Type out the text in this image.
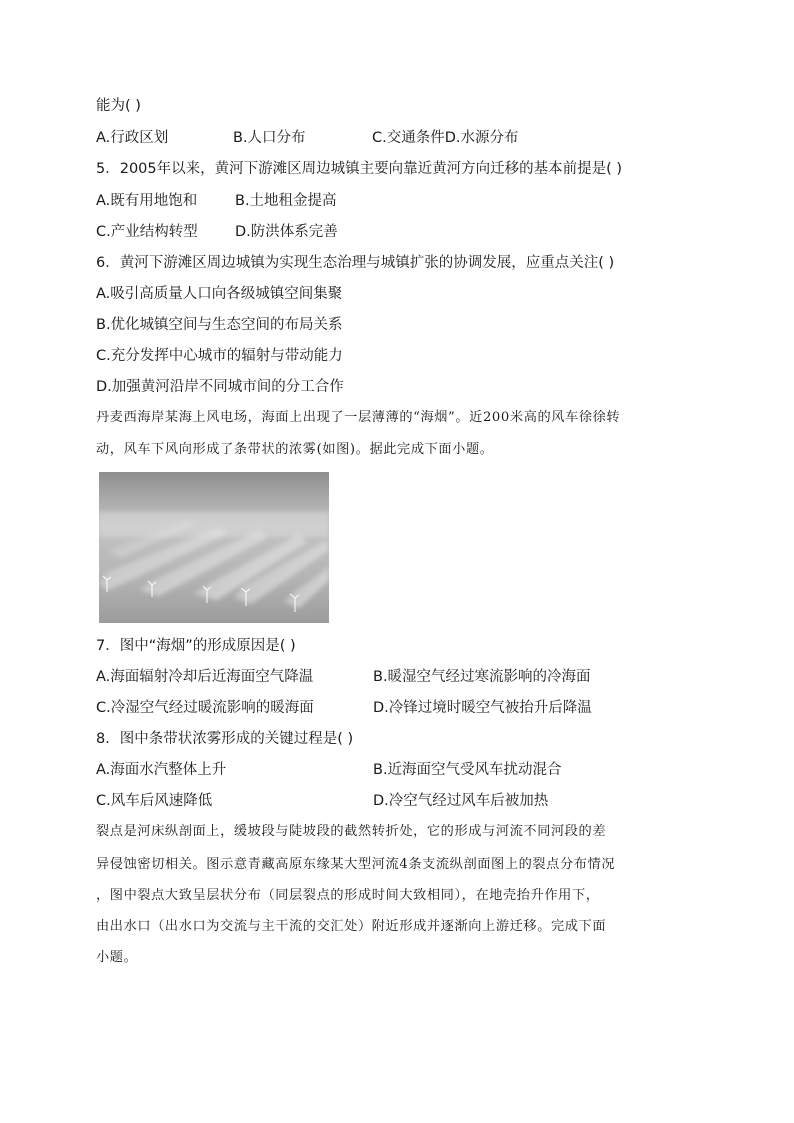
能为( )
A.行政区划	B.人口分布	C.交通条件D.水源分布
5．2005年以来，黄河下游滩区周边城镇主要向靠近黄河方向迁移的基本前提是( )
A.既有用地饱和	B.土地租金提高
C.产业结构转型	D.防洪体系完善
6．黄河下游滩区周边城镇为实现生态治理与城镇扩张的协调发展，应重点关注( )
A.吸引高质量人口向各级城镇空间集聚
B.优化城镇空间与生态空间的布局关系
C.充分发挥中心城市的辐射与带动能力
D.加强黄河沿岸不同城市间的分工合作
丹麦西海岸某海上风电场，海面上出现了一层薄薄的“海烟”。近200米高的风车徐徐转
动，风车下风向形成了条带状的浓雾(如图)。据此完成下面小题。
7．图中“海烟”的形成原因是( )
A.海面辐射冷却后近海面空气降温	B.暖湿空气经过寒流影响的冷海面
C.冷湿空气经过暖流影响的暖海面	D.冷锋过境时暖空气被抬升后降温
8．图中条带状浓雾形成的关键过程是( )
A.海面水汽整体上升	B.近海面空气受风车扰动混合
C.风车后风速降低	D.冷空气经过风车后被加热
裂点是河床纵剖面上，缓坡段与陡坡段的截然转折处，它的形成与河流不同河段的差
异侵蚀密切相关。图示意青藏高原东缘某大型河流4条支流纵剖面图上的裂点分布情况
，图中裂点大致呈层状分布（同层裂点的形成时间大致相同），在地壳抬升作用下，
由出水口（出水口为交流与主干流的交汇处）附近形成并逐渐向上游迁移。完成下面
小题。
